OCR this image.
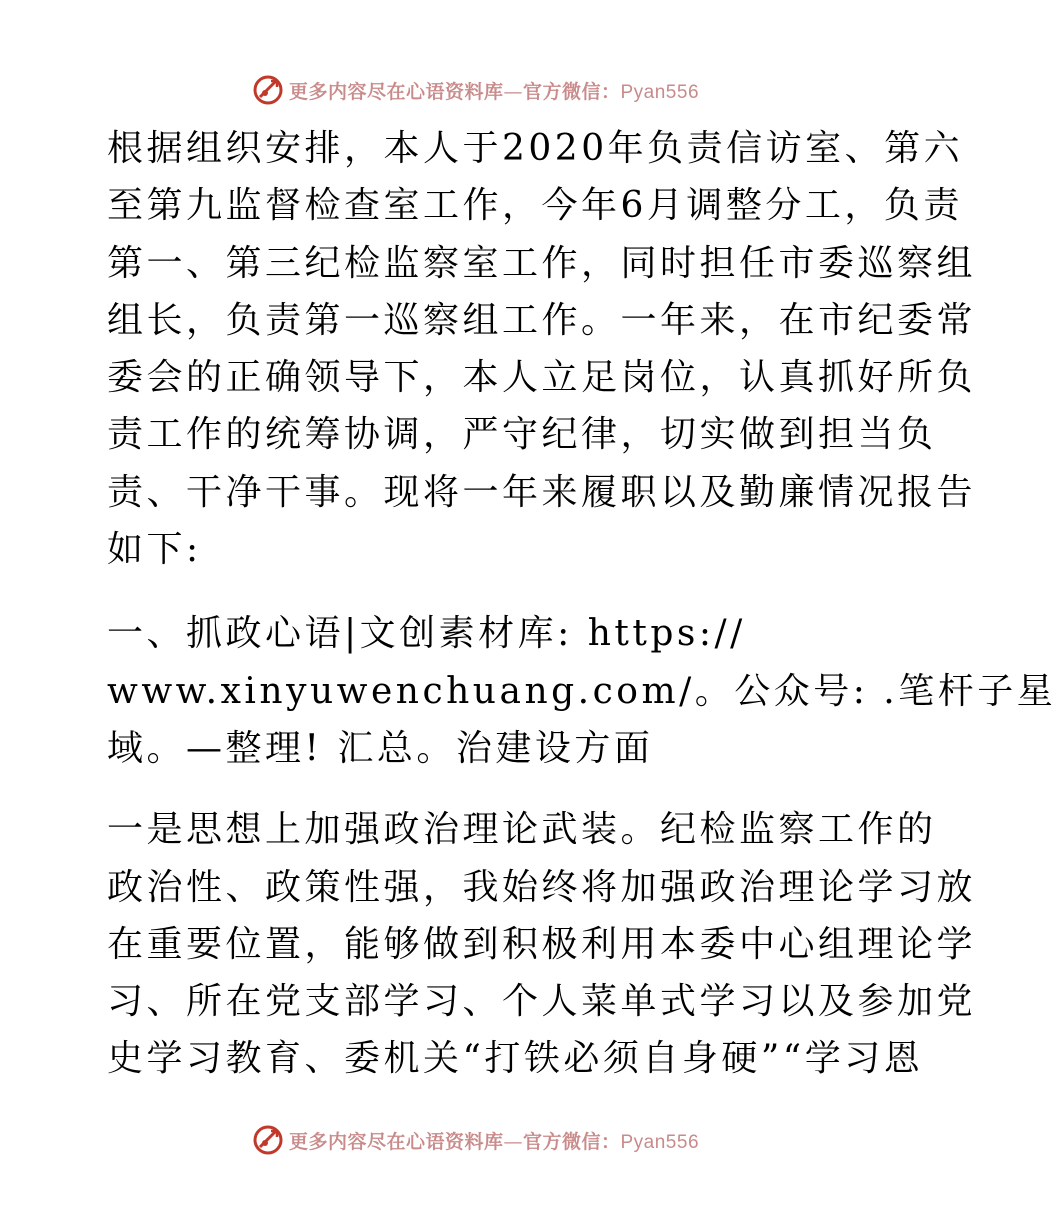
更多内容尽在心语资料库—官方微信：Pyan556
根据组织安排，本人于2020年负责信访室、第六
至第九监督检查室工作，今年6月调整分工，负责
第一、第三纪检监察室工作，同时担任市委巡察组
组长，负责第一巡察组工作。一年来，在市纪委常
委会的正确领导下，本人立足岗位，认真抓好所负
责工作的统筹协调，严守纪律，切实做到担当负
责、干净干事。现将一年来履职以及勤廉情况报告
如下:
一、抓政心语|文创素材库: https://
www.xinyuwenchuang.com/。公众号: .笔杆子星
域。—整理! 汇总。治建设方面
一是思想上加强政治理论武装。纪检监察工作的
政治性、政策性强，我始终将加强政治理论学习放
在重要位置，能够做到积极利用本委中心组理论学
习、所在党支部学习、个人菜单式学习以及参加党
史学习教育、委机关“打铁必须自身硬”“学习恩
更多内容尽在心语资料库—官方微信：Pyan556
